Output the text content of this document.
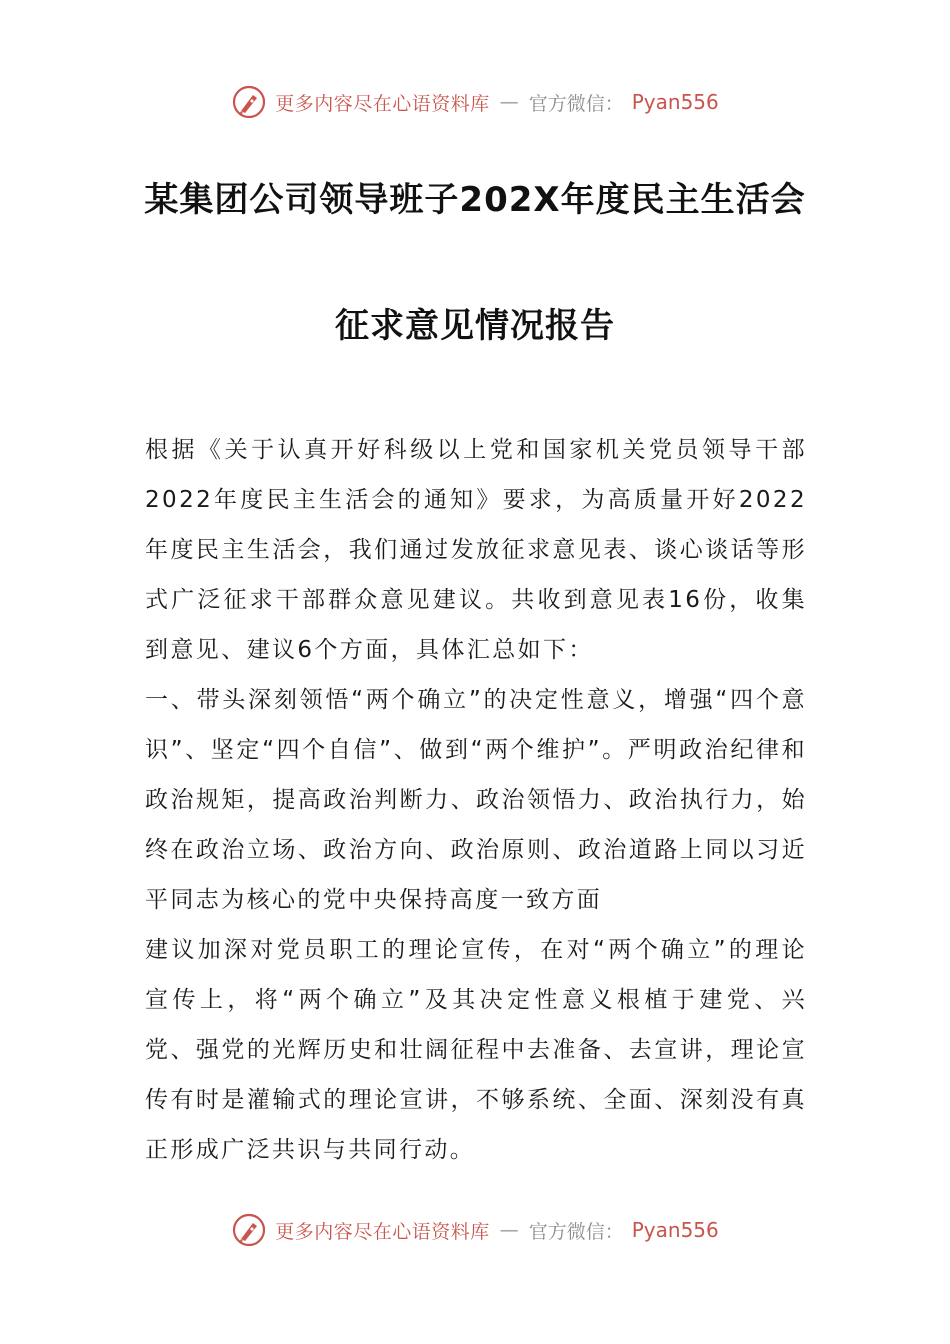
更多内容尽在心语资料库 — 官方微信： Pyan556
某集团公司领导班子202X年度民主生活会
征求意见情况报告

根据《关于认真开好科级以上党和国家机关党员领导干部2022年度民主生活会的通知》要求，为高质量开好2022年度民主生活会，我们通过发放征求意见表、谈心谈话等形式广泛征求干部群众意见建议。共收到意见表16份，收集到意见、建议6个方面，具体汇总如下：

一、带头深刻领悟“两个确立”的决定性意义，增强“四个意识”、坚定“四个自信”、做到“两个维护”。严明政治纪律和政治规矩，提高政治判断力、政治领悟力、政治执行力，始终在政治立场、政治方向、政治原则、政治道路上同以习近平同志为核心的党中央保持高度一致方面

建议加深对党员职工的理论宣传，在对“两个确立”的理论宣传上，将“两个确立”及其决定性意义根植于建党、兴党、强党的光辉历史和壮阔征程中去准备、去宣讲，理论宣传有时是灌输式的理论宣讲，不够系统、全面、深刻没有真正形成广泛共识与共同行动。

更多内容尽在心语资料库 — 官方微信： Pyan556
